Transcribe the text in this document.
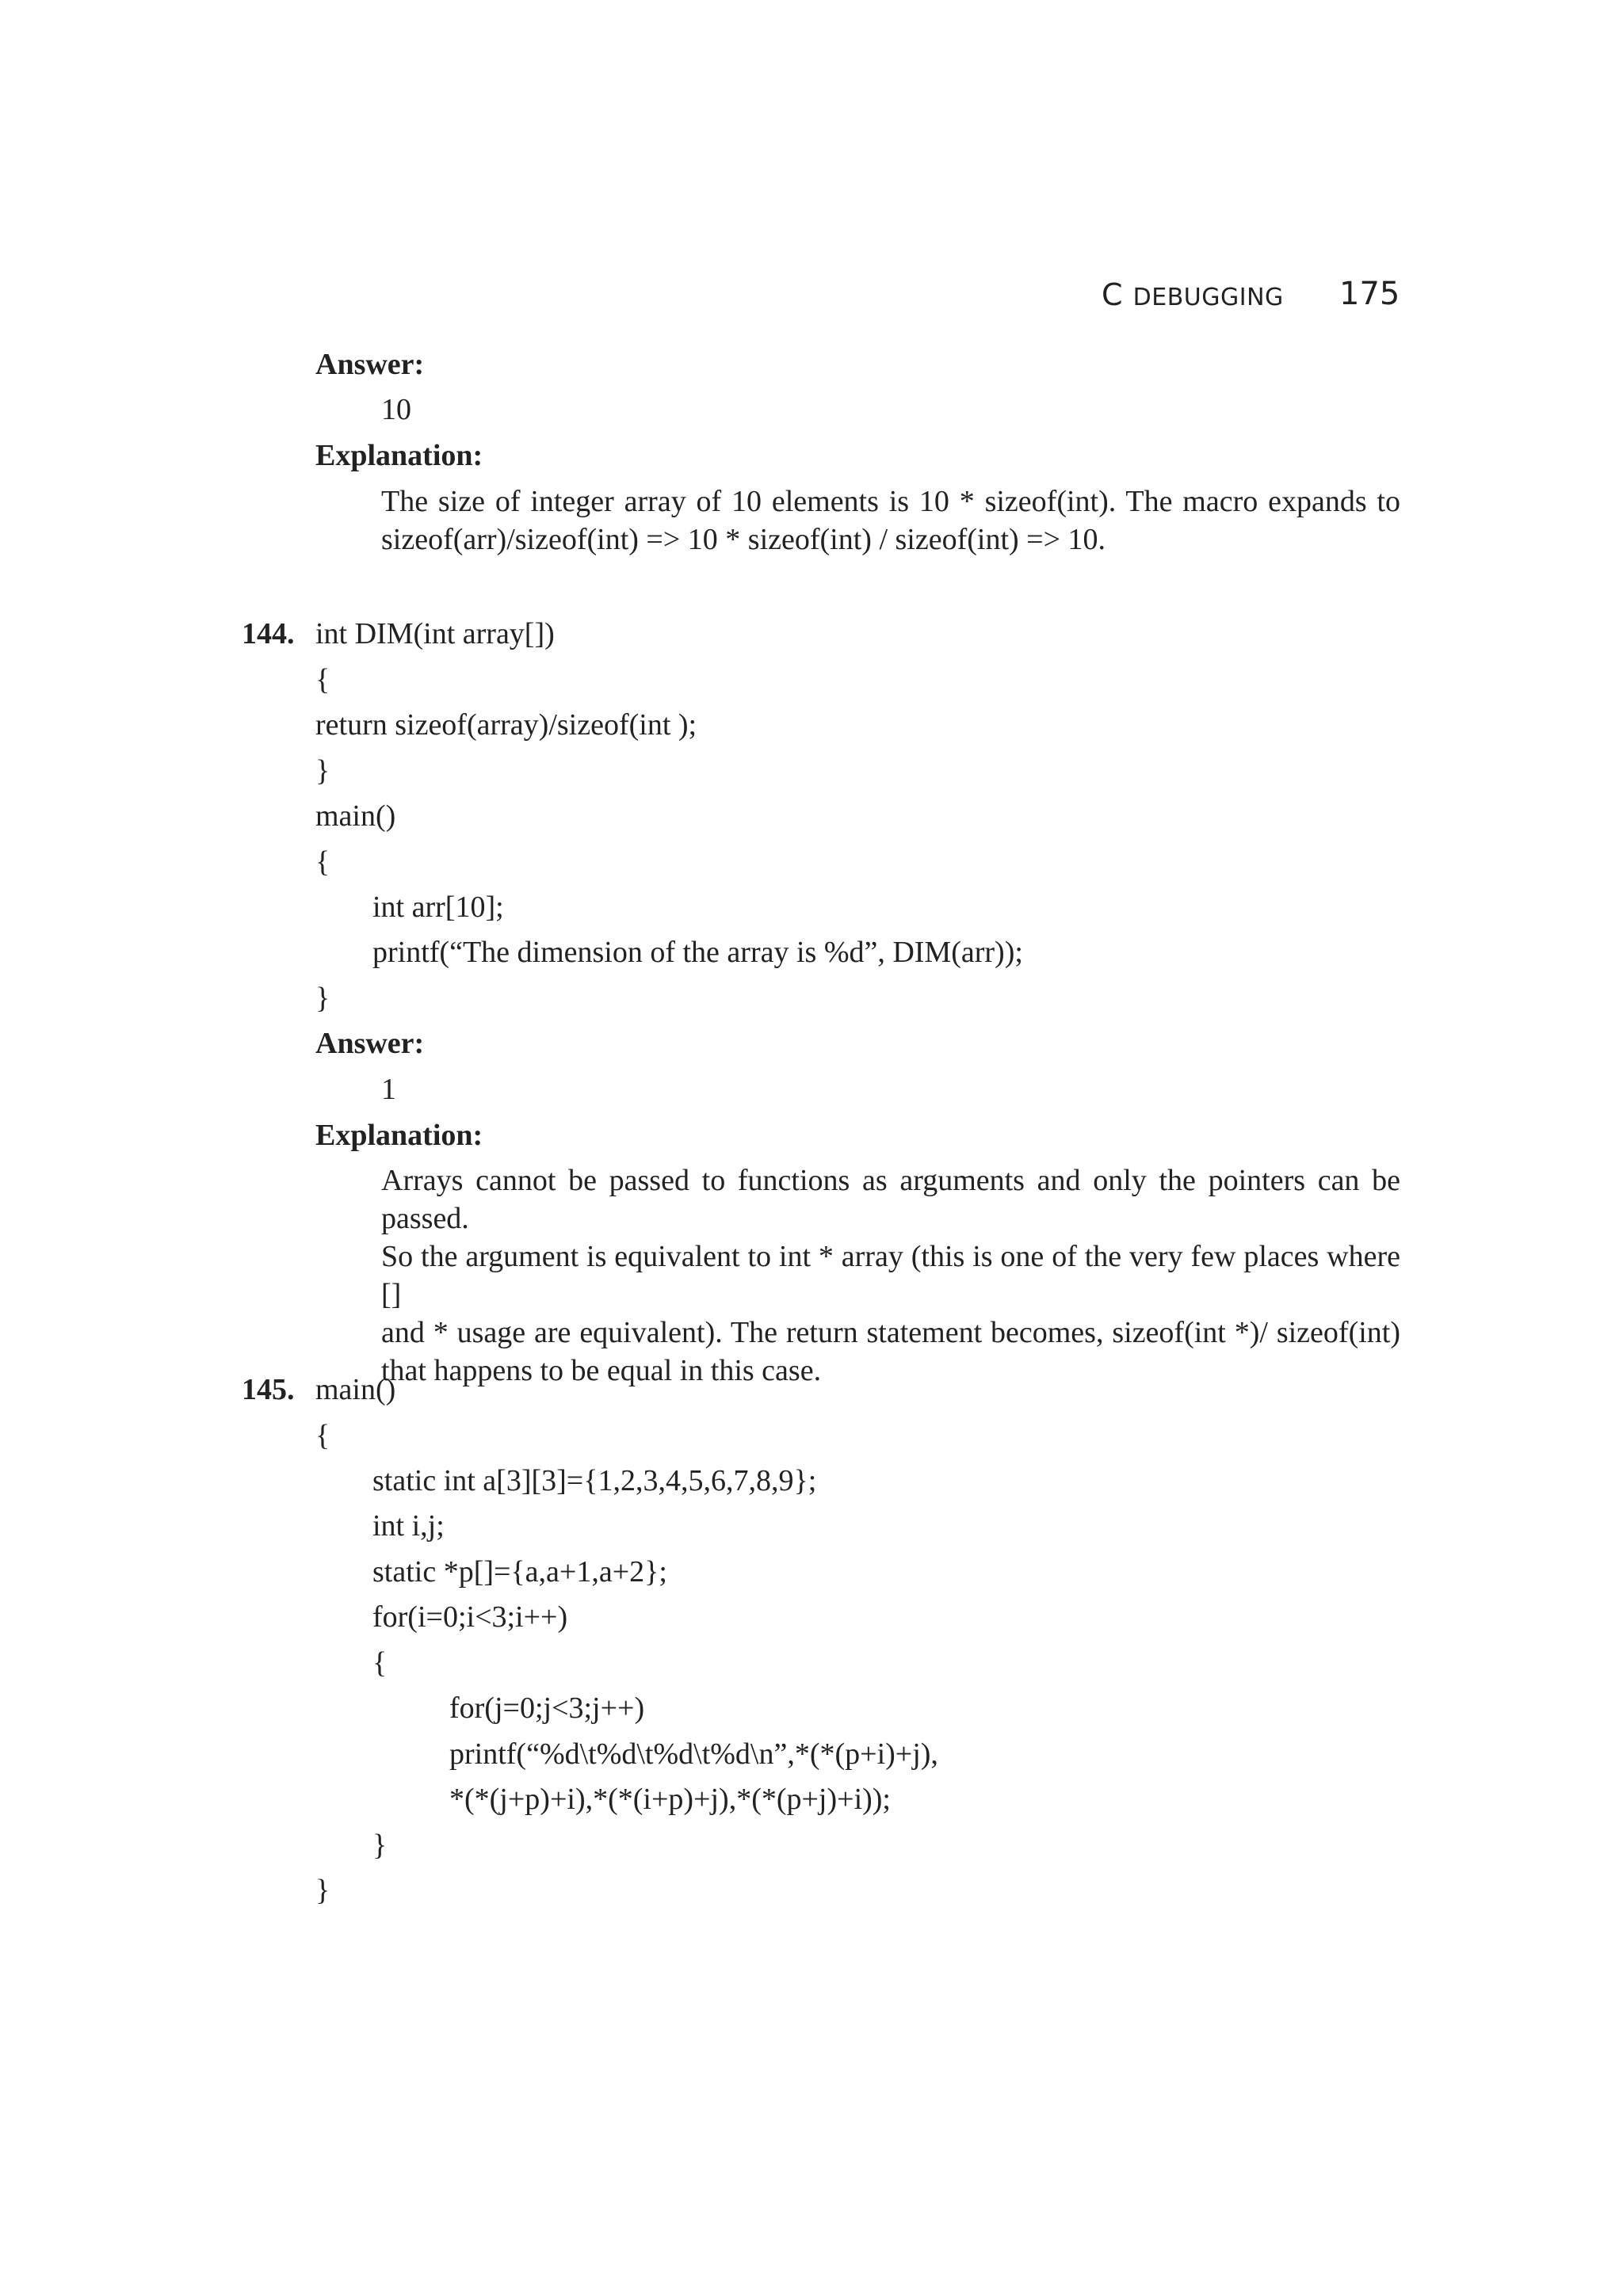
C DEBUGGING 175
Answer:
10
Explanation:

The size of integer array of 10 elements is 10 * sizeof(int). The macro expands to

sizeof(arr)/sizeof(int) => 10 * sizeof(int) / sizeof(int) => 10.

144. int DIM(int array[])
{
return sizeof(array)/sizeof(int );
}
main()
{
int arr[10];
printf(“The dimension of the array is %d”, DIM(arr));
}
Answer:
1
Explanation:

Arrays cannot be passed to functions as arguments and only the pointers can be passed.

So the argument is equivalent to int * array (this is one of the very few places where []

and * usage are equivalent). The return statement becomes, sizeof(int *)/ sizeof(int)

that happens to be equal in this case.

145. main()
{
static int a[3][3]={1,2,3,4,5,6,7,8,9};
int i,j;
static *p[]={a,a+1,a+2};
for(i=0;i<3;i++)
{
for(j=0;j<3;j++)
printf(“%d\t%d\t%d\t%d\n”,*(*(p+i)+j),
*(*(j+p)+i),*(*(i+p)+j),*(*(p+j)+i));
}
}
